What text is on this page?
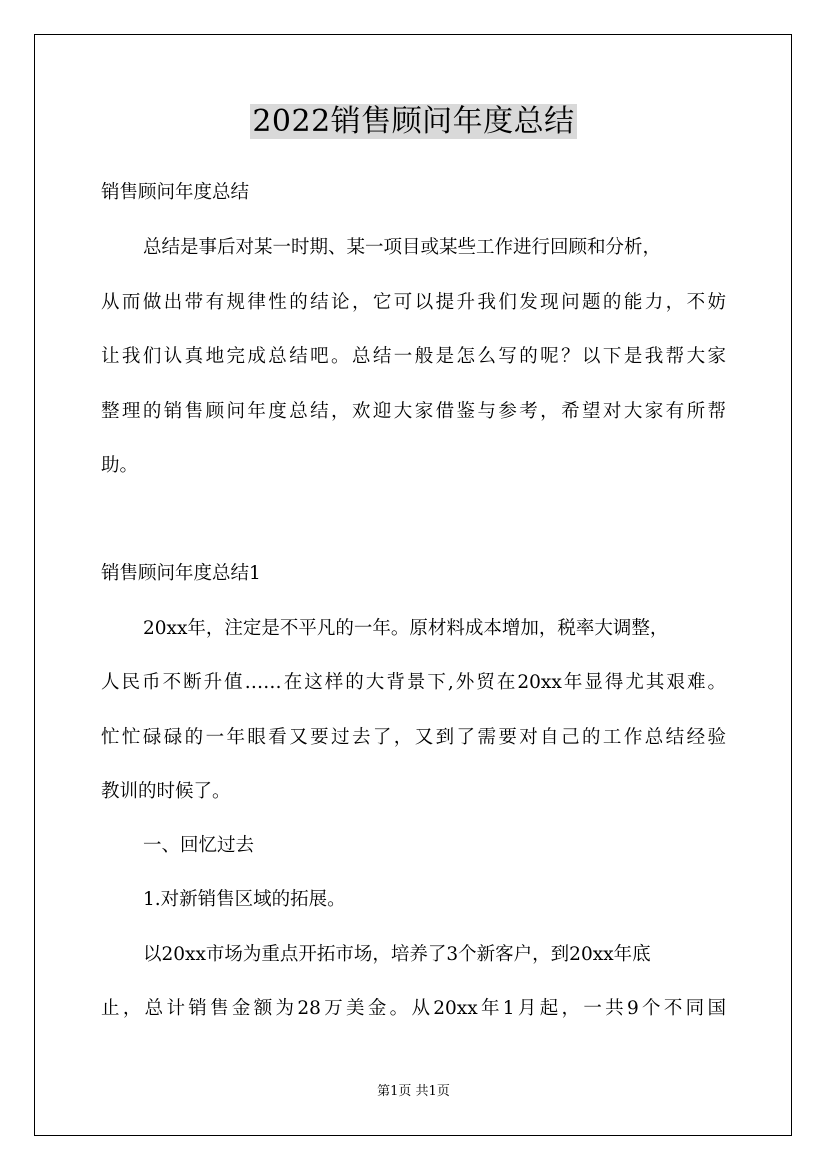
2022销售顾问年度总结
销售顾问年度总结
总结是事后对某一时期、某一项目或某些工作进行回顾和分析，
从而做出带有规律性的结论，它可以提升我们发现问题的能力，不妨
让我们认真地完成总结吧。总结一般是怎么写的呢？以下是我帮大家
整理的销售顾问年度总结，欢迎大家借鉴与参考，希望对大家有所帮
助。
销售顾问年度总结1
20xx年，注定是不平凡的一年。原材料成本增加，税率大调整，
人民币不断升值……在这样的大背景下,外贸在20xx年显得尤其艰难。
忙忙碌碌的一年眼看又要过去了，又到了需要对自己的工作总结经验
教训的时候了。
一、回忆过去
1.对新销售区域的拓展。
以20xx市场为重点开拓市场，培养了3个新客户，到20xx年底
止，总计销售金额为28万美金。从20xx年1月起，一共9个不同国
第1页 共1页
